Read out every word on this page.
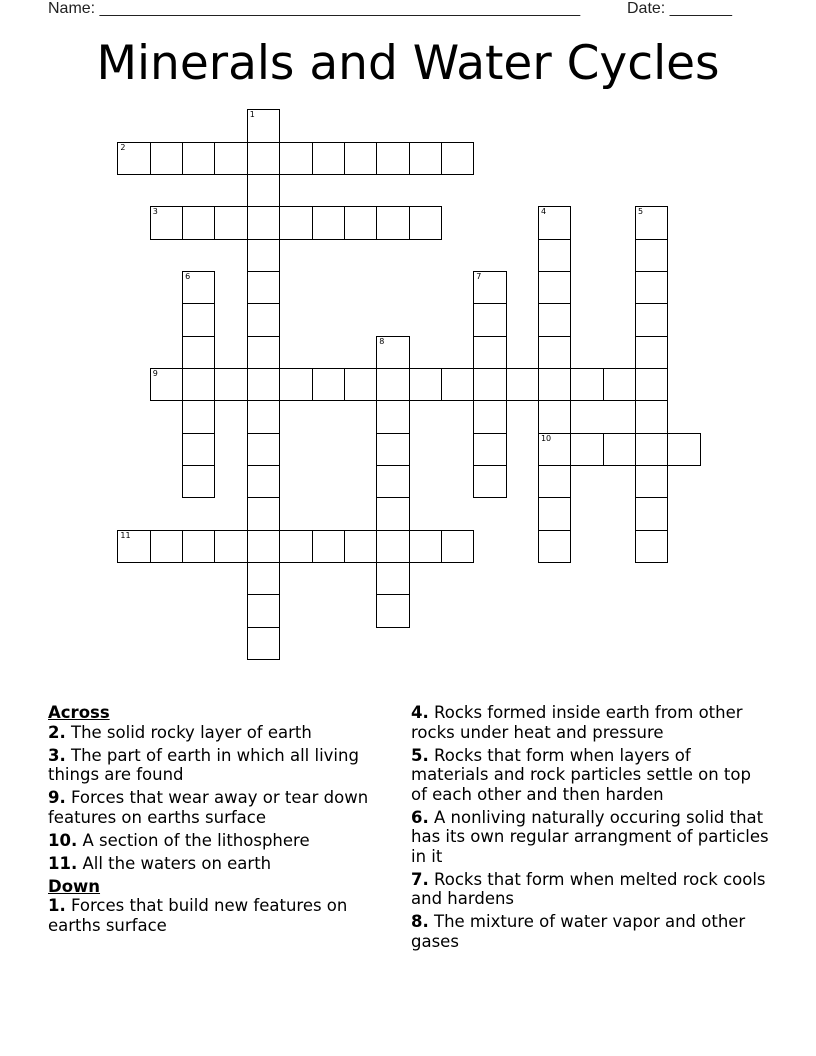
Name: ______________________________________________________	Date: _______
Minerals and Water Cycles
1
2
3	4
10
5
6	7
8
9
11
Across
2. The solid rocky layer of earth
3. The part of earth in which all living things are found
9. Forces that wear away or tear down features on earths surface
10. A section of the lithosphere
11. All the waters on earth
Down
1. Forces that build new features on earths surface
4. Rocks formed inside earth from other rocks under heat and pressure
5. Rocks that form when layers of materials and rock particles settle on top of each other and then harden
6. A nonliving naturally occuring solid that has its own regular arrangment of particles in it
7. Rocks that form when melted rock cools and hardens
8. The mixture of water vapor and other gases
